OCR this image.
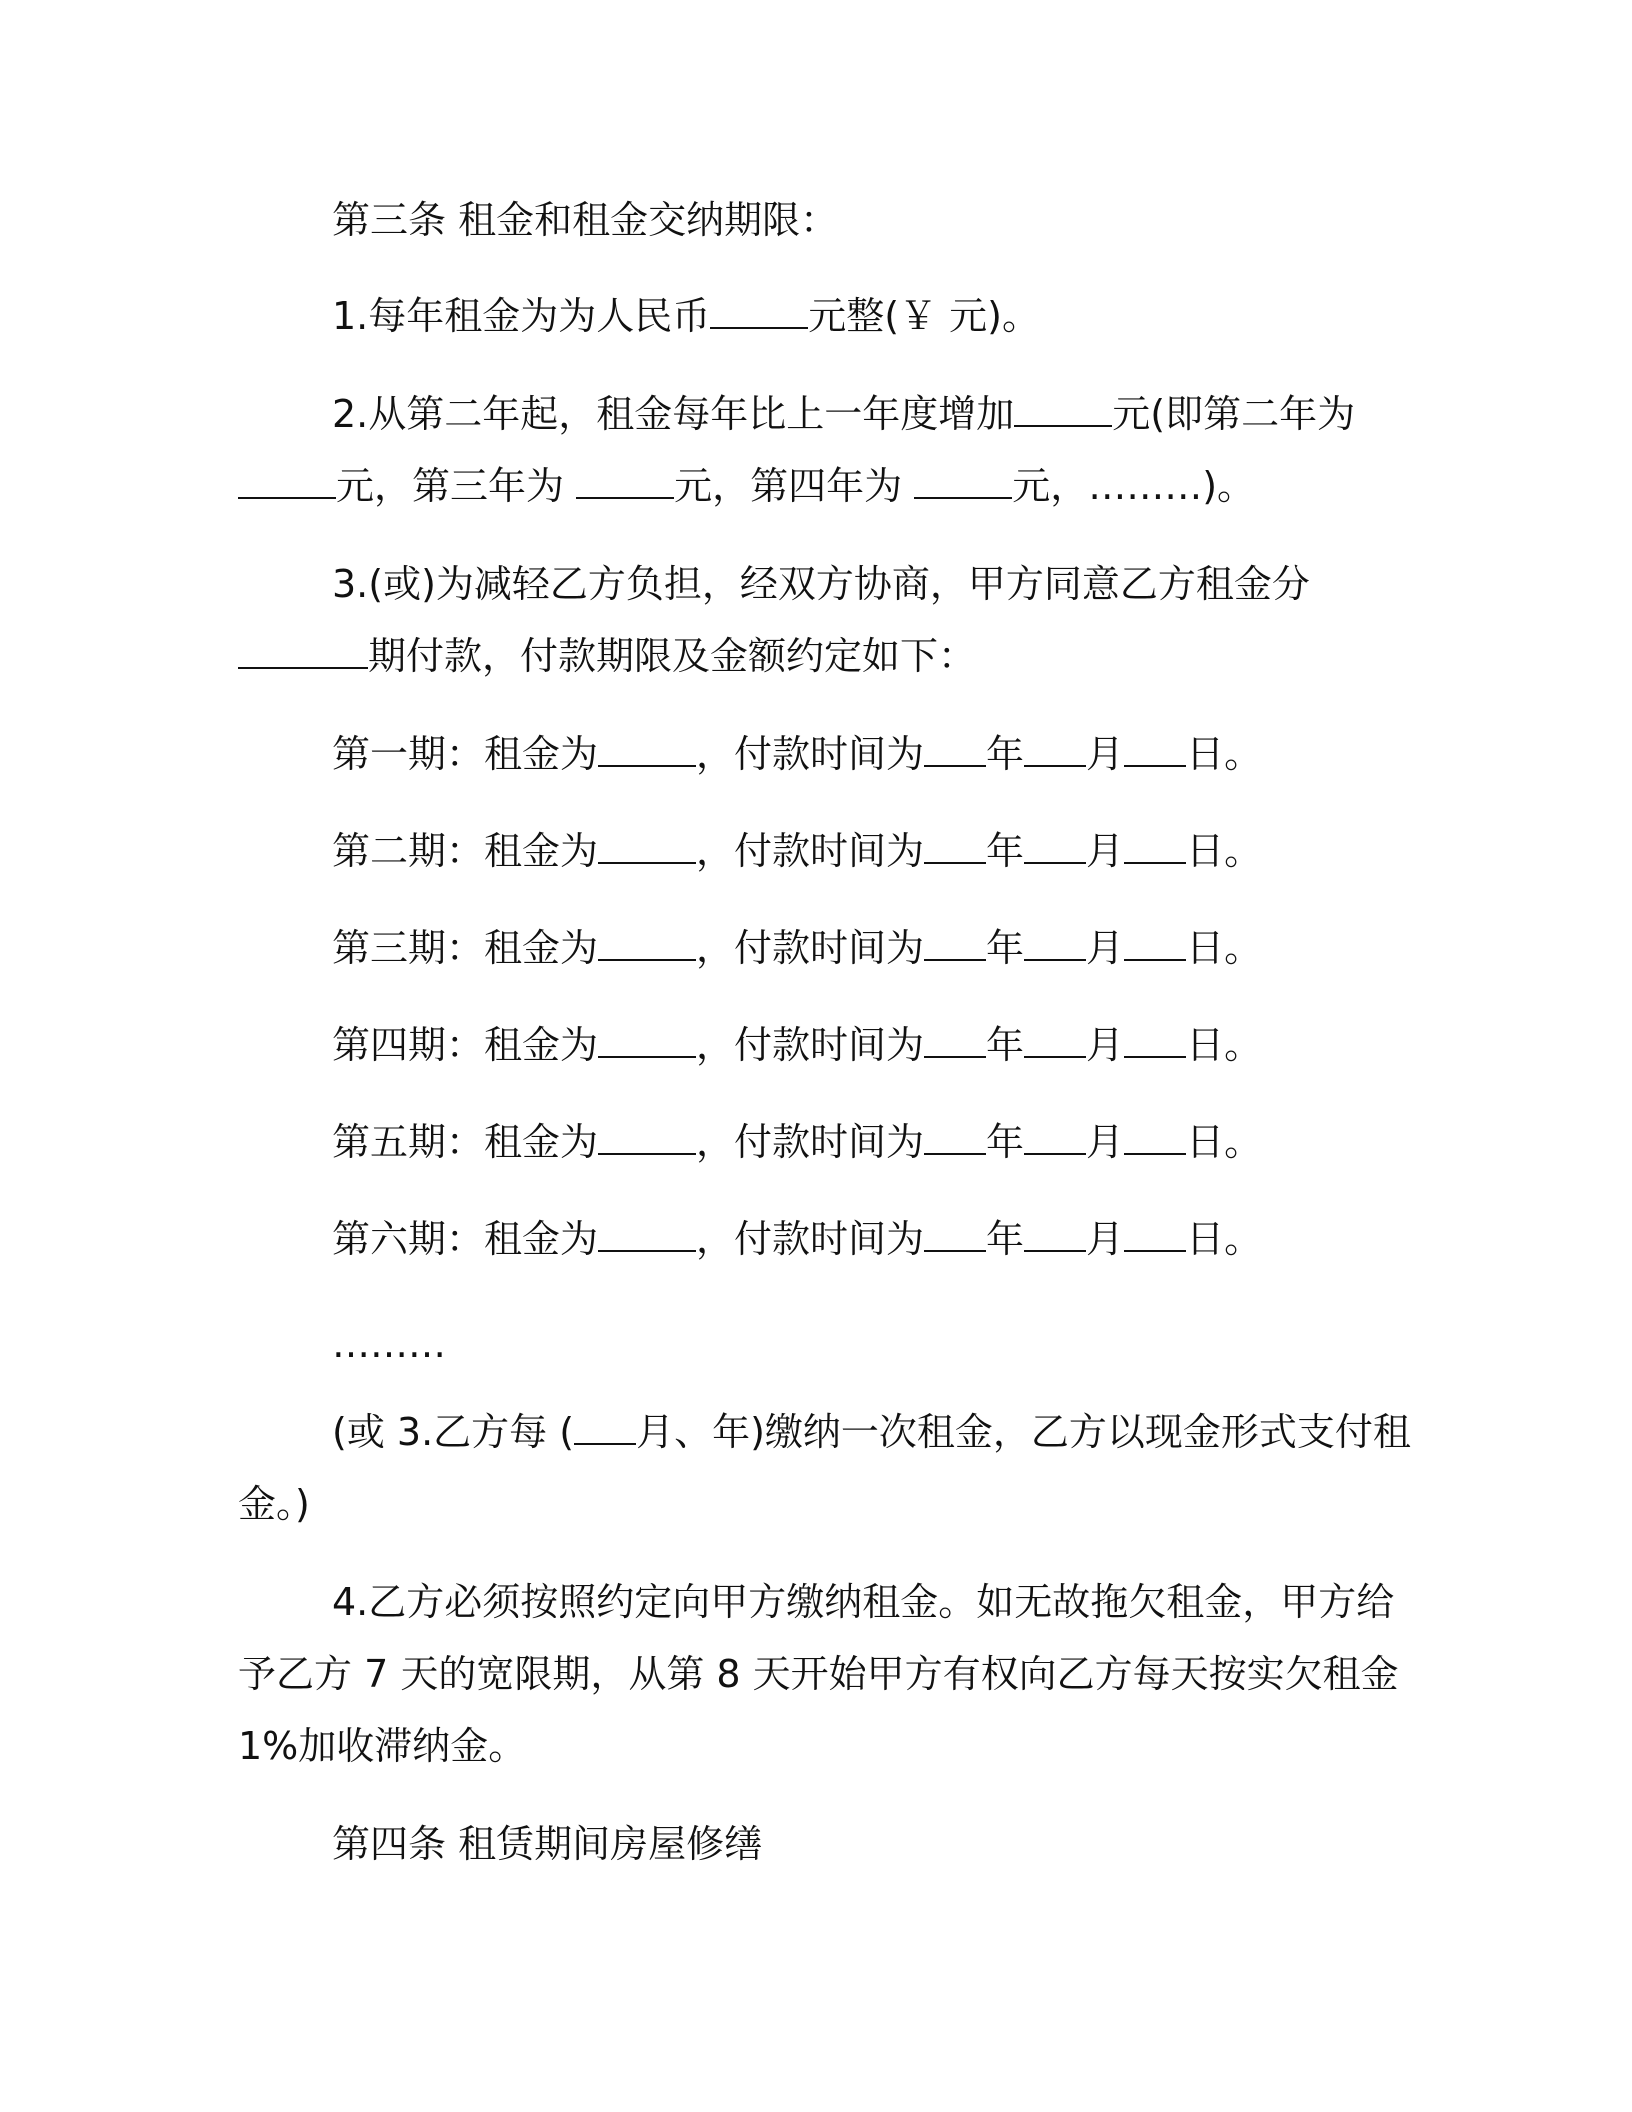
第三条 租金和租金交纳期限：

1.每年租金为为人民币	元整(￥ 元)。

2.从第二年起，租金每年比上一年度增加	元(即第二年为

元，第三年为	元，第四年为	元，………)。

3.(或)为减轻乙方负担，经双方协商，甲方同意乙方租金分

期付款，付款期限及金额约定如下：

第一期：租金为	，付款时间为 年 月 日。

第二期：租金为	，付款时间为 年 月 日。

第三期：租金为	，付款时间为 年 月 日。

第四期：租金为	，付款时间为 年 月 日。

第五期：租金为	，付款时间为 年 月 日。

第六期：租金为	，付款时间为 年 月 日。

………

(或 3.乙方每 ( 月、年)缴纳一次租金，乙方以现金形式支付租

金。)

4.乙方必须按照约定向甲方缴纳租金。如无故拖欠租金，甲方给

予乙方 7 天的宽限期，从第 8 天开始甲方有权向乙方每天按实欠租金

1%加收滞纳金。

第四条 租赁期间房屋修缮
